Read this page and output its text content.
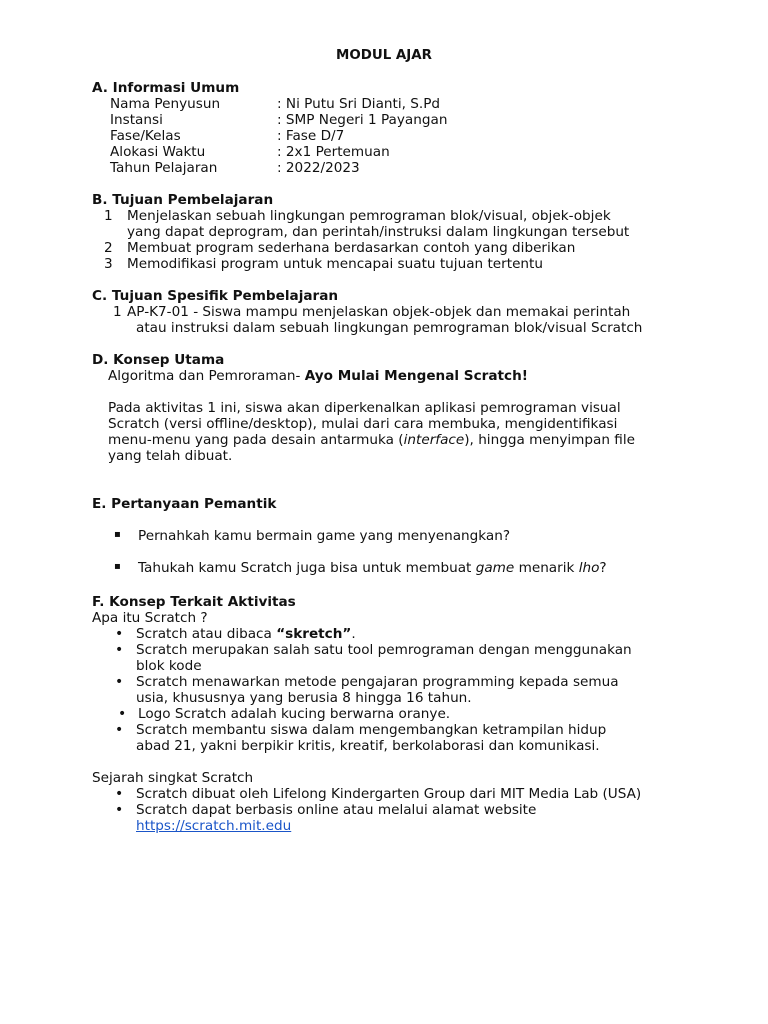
MODUL AJAR
A. Informasi Umum
Nama Penyusun	: Ni Putu Sri Dianti, S.Pd
Instansi	: SMP Negeri 1 Payangan
Fase/Kelas	: Fase D/7
Alokasi Waktu	: 2x1 Pertemuan
Tahun Pelajaran	: 2022/2023
B. Tujuan Pembelajaran
1 Menjelaskan sebuah lingkungan pemrograman blok/visual, objek-objek
yang dapat deprogram, dan perintah/instruksi dalam lingkungan tersebut
2 Membuat program sederhana berdasarkan contoh yang diberikan
3 Memodifikasi program untuk mencapai suatu tujuan tertentu
C. Tujuan Spesifik Pembelajaran
1 AP-K7-01 - Siswa mampu menjelaskan objek-objek dan memakai perintah
atau instruksi dalam sebuah lingkungan pemrograman blok/visual Scratch
D. Konsep Utama
Algoritma dan Pemroraman- Ayo Mulai Mengenal Scratch!
Pada aktivitas 1 ini, siswa akan diperkenalkan aplikasi pemrograman visual
Scratch (versi offline/desktop), mulai dari cara membuka, mengidentifikasi
menu-menu yang pada desain antarmuka (interface), hingga menyimpan file
yang telah dibuat.
E. Pertanyaan Pemantik
▪ Pernahkah kamu bermain game yang menyenangkan?
▪ Tahukah kamu Scratch juga bisa untuk membuat game menarik lho?
F. Konsep Terkait Aktivitas
Apa itu Scratch ?
• Scratch atau dibaca “skretch”.
• Scratch merupakan salah satu tool pemrograman dengan menggunakan
blok kode
• Scratch menawarkan metode pengajaran programming kepada semua
usia, khususnya yang berusia 8 hingga 16 tahun.
• Logo Scratch adalah kucing berwarna oranye.
• Scratch membantu siswa dalam mengembangkan ketrampilan hidup
abad 21, yakni berpikir kritis, kreatif, berkolaborasi dan komunikasi.
Sejarah singkat Scratch
• Scratch dibuat oleh Lifelong Kindergarten Group dari MIT Media Lab (USA)
• Scratch dapat berbasis online atau melalui alamat website
https://scratch.mit.edu
